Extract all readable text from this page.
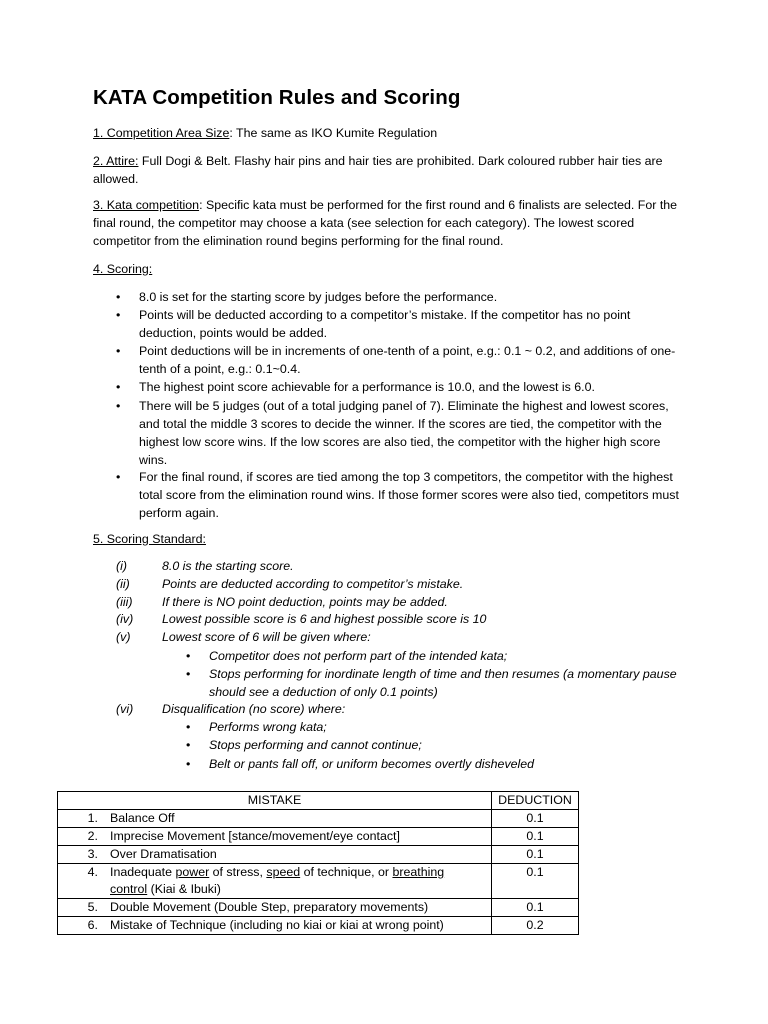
KATA Competition Rules and Scoring
1. Competition Area Size: The same as IKO Kumite Regulation
2. Attire: Full Dogi & Belt. Flashy hair pins and hair ties are prohibited. Dark coloured rubber hair ties are allowed.
3. Kata competition: Specific kata must be performed for the first round and 6 finalists are selected. For the final round, the competitor may choose a kata (see selection for each category). The lowest scored competitor from the elimination round begins performing for the final round.
4. Scoring:
• 8.0 is set for the starting score by judges before the performance.
• Points will be deducted according to a competitor’s mistake. If the competitor has no point deduction, points would be added.
• Point deductions will be in increments of one-tenth of a point, e.g.: 0.1 ~ 0.2, and additions of one-tenth of a point, e.g.: 0.1~0.4.
• The highest point score achievable for a performance is 10.0, and the lowest is 6.0.
• There will be 5 judges (out of a total judging panel of 7). Eliminate the highest and lowest scores, and total the middle 3 scores to decide the winner. If the scores are tied, the competitor with the highest low score wins. If the low scores are also tied, the competitor with the higher high score wins.
• For the final round, if scores are tied among the top 3 competitors, the competitor with the highest total score from the elimination round wins. If those former scores were also tied, competitors must perform again.
5. Scoring Standard:
(i)	8.0 is the starting score.
(ii)	Points are deducted according to competitor’s mistake.
(iii) If there is NO point deduction, points may be added.
(iv) Lowest possible score is 6 and highest possible score is 10
(v)	Lowest score of 6 will be given where:
• Competitor does not perform part of the intended kata;
• Stops performing for inordinate length of time and then resumes (a momentary pause should see a deduction of only 0.1 points)
(vi) Disqualification (no score) where:
• Performs wrong kata;
• Stops performing and cannot continue;
• Belt or pants fall off, or uniform becomes overtly disheveled
MISTAKE	DEDUCTION

1. Balance Off	0.1

2. Imprecise Movement [stance/movement/eye contact]	0.1

3. Over Dramatisation	0.1

4. Inadequate power of stress, speed of technique, or breathing control (Kiai & Ibuki)	0.1

5. Double Movement (Double Step, preparatory movements)	0.1

6. Mistake of Technique (including no kiai or kiai at wrong point)	0.2
